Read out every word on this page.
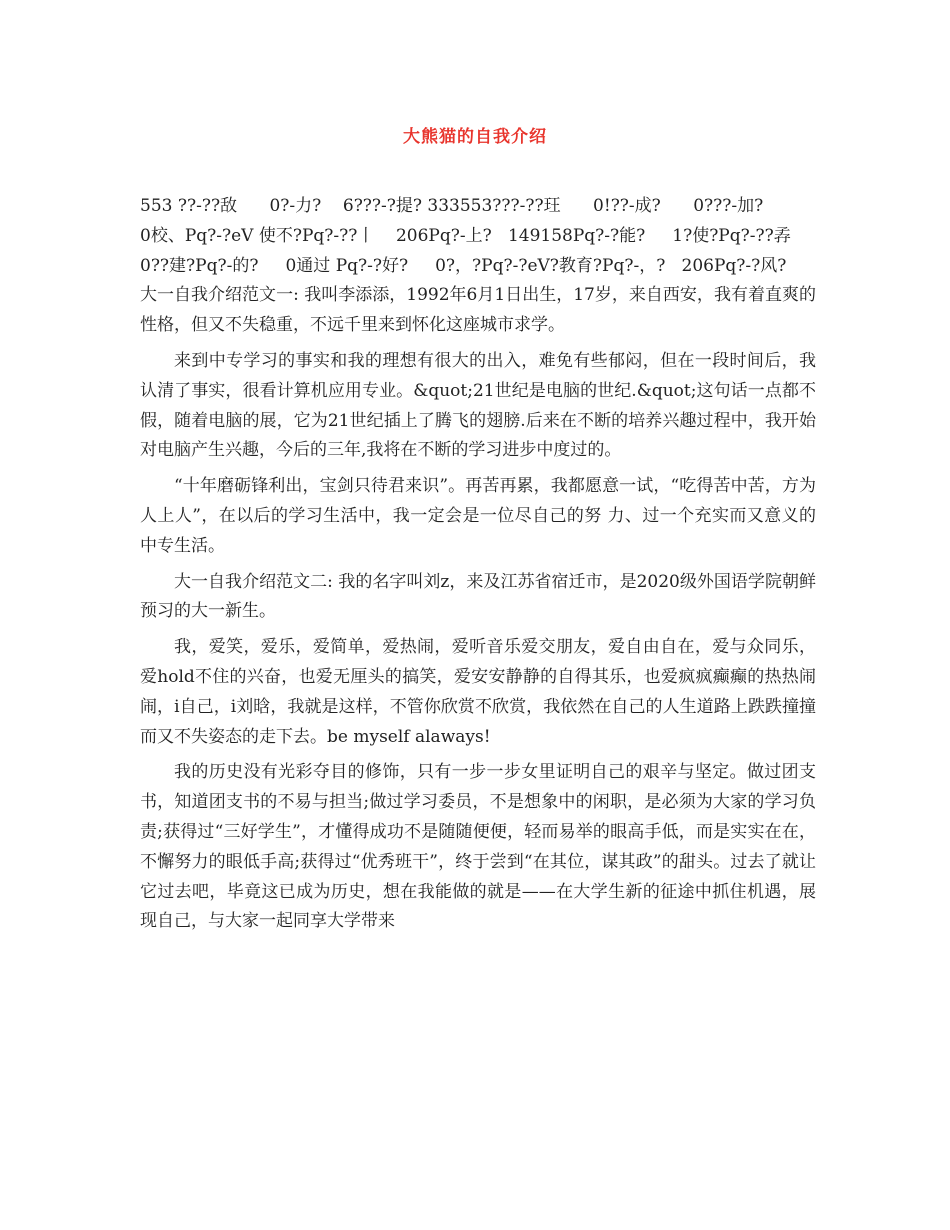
大熊猫的自我介绍
553 ??-??敌      0?-力?    6???-?提? 333553???-??玨      0!??-成?      0???-加?
0校、Pq?-?eV 使不?Pq?-??丨    206Pq?-上?   149158Pq?-?能?     1?使?Pq?-??孨
0??建?Pq?-的?     0通过 Pq?-?好?     0?，?Pq?-?eV?教育?Pq?-，?   206Pq?-?风?

大一自我介绍范文一: 我叫李添添，1992年6月1日出生，17岁，来自西安，我有着直爽的性格，但又不失稳重，不远千里来到怀化这座城市求学。

来到中专学习的事实和我的理想有很大的出入，难免有些郁闷，但在一段时间后，我认清了事实，很看计算机应用专业。&quot;21世纪是电脑的世纪.&quot;这句话一点都不假，随着电脑的展，它为21世纪插上了腾飞的翅膀.后来在不断的培养兴趣过程中，我开始对电脑产生兴趣，今后的三年,我将在不断的学习进步中度过的。

“十年磨砺锋利出，宝剑只待君来识”。再苦再累，我都愿意一试，“吃得苦中苦，方为人上人”，在以后的学习生活中，我一定会是一位尽自己的努 力、过一个充实而又意义的中专生活。

大一自我介绍范文二: 我的名字叫刘z，来及江苏省宿迁市，是2020级外国语学院朝鲜预习的大一新生。

我，爱笑，爱乐，爱简单，爱热闹，爱听音乐爱交朋友，爱自由自在，爱与众同乐，爱hold不住的兴奋，也爱无厘头的搞笑，爱安安静静的自得其乐，也爱疯疯癫癫的热热闹闹，i自己，i刘晗，我就是这样，不管你欣赏不欣赏，我依然在自己的人生道路上跌跌撞撞而又不失姿态的走下去。be myself alaways!

我的历史没有光彩夺目的修饰，只有一步一步女里证明自己的艰辛与坚定。做过团支书，知道团支书的不易与担当;做过学习委员，不是想象中的闲职，是必须为大家的学习负责;获得过“三好学生”，才懂得成功不是随随便便，轻而易举的眼高手低，而是实实在在，不懈努力的眼低手高;获得过“优秀班干”，终于尝到“在其位，谋其政”的甜头。过去了就让它过去吧，毕竟这已成为历史，想在我能做的就是——在大学生新的征途中抓住机遇，展现自己，与大家一起同享大学带来
